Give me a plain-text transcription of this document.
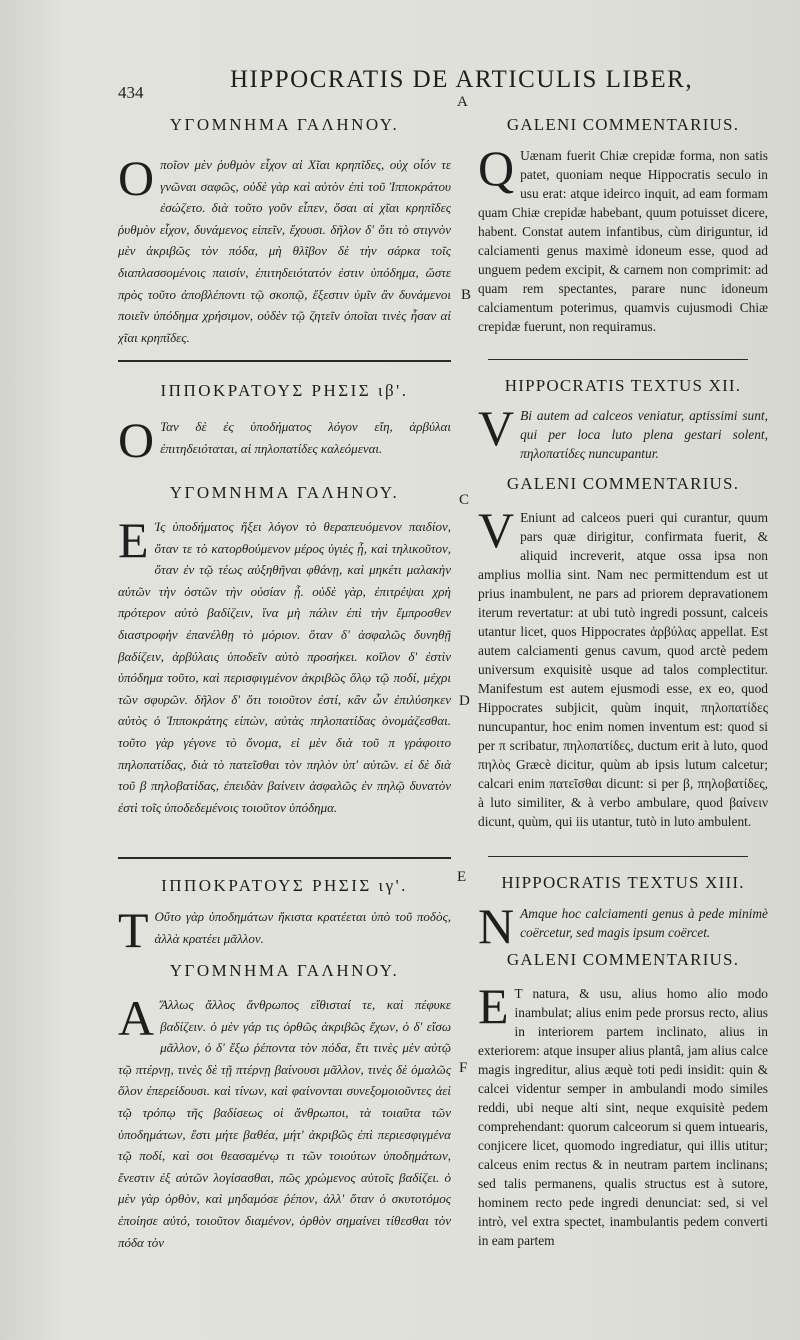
434	HIPPOCRATIS DE ARTICULIS LIBER,
A
B
C
D
E
F
ΥΓΟΜΝΗΜΑ ΓΑΛΗΝΟΥ.

Οποῖον μὲν ῥυθμὸν εἶχον αἱ Χῖαι κρηπῖδες, οὐχ οἷόν τε γνῶναι σαφῶς, οὐδὲ γὰρ καὶ αὐτὸν ἐπὶ τοῦ Ἱπποκράτου ἐσώζετο. διὰ τοῦτο γοῦν εἶπεν, ὅσαι αἱ χῖαι κρηπῖδες ῥυθμὸν εἶχον, δυνάμενος εἰπεῖν, ἔχουσι. δῆλον δ' ὅτι τὸ στιγνὸν μὲν ἀκριβῶς τὸν πόδα, μὴ θλῖβον δὲ τὴν σάρκα τοῖς διαπλασσομένοις παισίν, ἐπιτηδειότατόν ἐστιν ὑπόδημα, ὥστε πρὸς τοῦτο ἀποβλέποντι τῷ σκοπῷ, ἔξεστιν ὑμῖν ἂν δυνάμενοι ποιεῖν ὑπόδημα χρήσιμον, οὐδὲν τῷ ζητεῖν ὁποῖαι τινὲς ἦσαν αἱ χῖαι κρηπῖδες.

ΙΠΠΟΚΡΑΤΟΥΣ ΡΗΣΙΣ ιβ'.

Ο Ταν δὲ ἐς ὑποδήματος λόγον εἴη, ἀρβύλαι ἐπιτηδειόταται, αἱ πηλοπατίδες καλεόμεναι.

ΥΓΟΜΝΗΜΑ ΓΑΛΗΝΟΥ.

Ε Ἰς ὑποδήματος ἥξει λόγον τὸ θεραπευόμενον παιδίον, ὅταν τε τὸ κατορθούμενον μέρος ὑγιὲς ᾖ, καὶ τηλικοῦτον, ὅταν ἐν τῷ τέως αὐξηθῆναι φθάνῃ, καὶ μηκέτι μαλακὴν αὐτῶν τὴν ὀστῶν τὴν οὐσίαν ᾖ. οὐδὲ γὰρ, ἐπιτρέψαι χρὴ πρότερον αὐτὸ βαδίζειν, ἵνα μὴ πάλιν ἐπὶ τὴν ἔμπροσθεν διαστροφὴν ἐπανέλθῃ τὸ μόριον. ὅταν δ' ἀσφαλῶς δυνηθῇ βαδίζειν, ἀρβύλαις ὑποδεῖν αὐτὸ προσήκει. κοῖλον δ' ἐστὶν ὑπόδημα τοῦτο, καὶ περισφιγμένον ἀκριβῶς ὅλῳ τῷ ποδί, μέχρι τῶν σφυρῶν. δῆλον δ' ὅτι τοιοῦτον ἐστί, κἂν ὦν ἐπιλύσηκεν αὐτὸς ὁ Ἱπποκράτης εἰπὼν, αὐτὰς πηλοπατίδας ὀνομάζεσθαι. τοῦτο γὰρ γέγονε τὸ ὄνομα, εἰ μὲν διὰ τοῦ π γράφοιτο πηλοπατίδας, διὰ τὸ πατεῖσθαι τὸν πηλὸν ὑπ' αὐτῶν. εἰ δὲ διὰ τοῦ β πηλοβατίδας, ἐπειδὰν βαίνειν ἀσφαλῶς ἐν πηλῷ δυνατὸν ἐστὶ τοῖς ὑποδεδεμένοις τοιοῦτον ὑπόδημα.

ΙΠΠΟΚΡΑΤΟΥΣ ΡΗΣΙΣ ιγ'.

Τ Οὔτο γὰρ ὑποδημάτων ἥκιστα κρατέεται ὑπὸ τοῦ ποδὸς, ἀλλὰ κρατέει μᾶλλον.

ΥΓΟΜΝΗΜΑ ΓΑΛΗΝΟΥ.

Α Ἄλλως ἄλλος ἄνθρωπος εἴθισταί τε, καὶ πέφυκε βαδίζειν. ὁ μὲν γάρ τις ὀρθῶς ἀκριβῶς ἔχων, ὁ δ' εἴσω μᾶλλον, ὁ δ' ἔξω ῥέποντα τὸν πόδα, ἔτι τινὲς μὲν αὐτῷ τῷ πτέρνῃ, τινὲς δὲ τῇ πτέρνῃ βαίνουσι μᾶλλον, τινὲς δὲ ὁμαλῶς ὅλον ἐπερείδουσι. καὶ τίνων, καὶ φαίνονται συνεξομοιοῦντες ἀεὶ τῷ τρόπῳ τῆς βαδίσεως οἱ ἄνθρωποι, τὰ τοιαῦτα τῶν ὑποδημάτων, ἔστι μήτε βαθέα, μήτ' ἀκριβῶς ἐπὶ περιεσφιγμένα τῷ ποδί, καὶ σοι θεασαμένῳ τι τῶν τοιούτων ὑποδημάτων, ἔνεστιν ἐξ αὐτῶν λογίσασθαι, πῶς χρώμενος αὐτοῖς βαδίζει. ὁ μὲν γὰρ ὀρθὸν, καὶ μηδαμόσε ῥέπον, ἀλλ' ὅταν ὁ σκυτοτόμος ἐποίησε αὐτό, τοιοῦτον διαμένον, ὀρθὸν σημαίνει τίθεσθαι τὸν πόδα τὸν

GALENI COMMENTARIUS.

Q Uænam fuerit Chiæ crepidæ forma, non satis patet, quoniam neque Hippocratis seculo in usu erat: atque ideirco inquit, ad eam formam quam Chiæ crepidæ habebant, quum potuisset dicere, habent. Constat autem infantibus, cùm diriguntur, id calciamenti genus maximè idoneum esse, quod ad unguem pedem excipit, & carnem non comprimit: ad quam rem spectantes, parare nunc idoneum calciamentum poterimus, quamvis cujusmodi Chiæ crepidæ fuerunt, non requiramus.

HIPPOCRATIS TEXTUS XII.

V Bi autem ad calceos veniatur, aptissimi sunt, qui per loca luto plena gestari solent, πηλοπατίδες nuncupantur.

GALENI COMMENTARIUS.

V Eniunt ad calceos pueri qui curantur, quum pars quæ dirigitur, confirmata fuerit, & aliquid increverit, atque ossa ipsa non amplius mollia sint. Nam nec permittendum est ut prius inambulent, ne pars ad priorem depravationem iterum revertatur: at ubi tutò ingredi possunt, calceis utantur licet, quos Hippocrates ἀρβύλας appellat. Est autem calciamenti genus cavum, quod arctè pedem universum exquisitè usque ad talos complectitur. Manifestum est autem ejusmodi esse, ex eo, quod Hippocrates subjicit, quùm inquit, πηλοπατίδες nuncupantur, hoc enim nomen inventum est: quod si per π scribatur, πηλοπατίδες, ductum erit à luto, quod πηλὸς Græcè dicitur, quùm ab ipsis lutum calcetur; calcari enim πατεῖσθαι dicunt: si per β, πηλοβατίδες, à luto similiter, & à verbo ambulare, quod βαίνειν dicunt, quùm, qui iis utantur, tutò in luto ambulent.

HIPPOCRATIS TEXTUS XIII.

N Amque hoc calciamenti genus à pede minimè coërcetur, sed magis ipsum coërcet.

GALENI COMMENTARIUS.

E T natura, & usu, alius homo alio modo inambulat; alius enim pede prorsus recto, alius in interiorem partem inclinato, alius in exteriorem: atque insuper alius plantâ, jam alius calce magis ingreditur, alius æquè toti pedi insidit: quin & calcei videntur semper in ambulandi modo similes reddi, ubi neque alti sint, neque exquisitè pedem comprehendant: quorum calceorum si quem intuearis, conjicere licet, quomodo ingrediatur, qui illis utitur; calceus enim rectus & in neutram partem inclinans; sed talis permanens, qualis structus est à sutore, hominem recto pede ingredi denunciat: sed, si vel intrò, vel extra spectet, inambulantis pedem converti in eam partem
